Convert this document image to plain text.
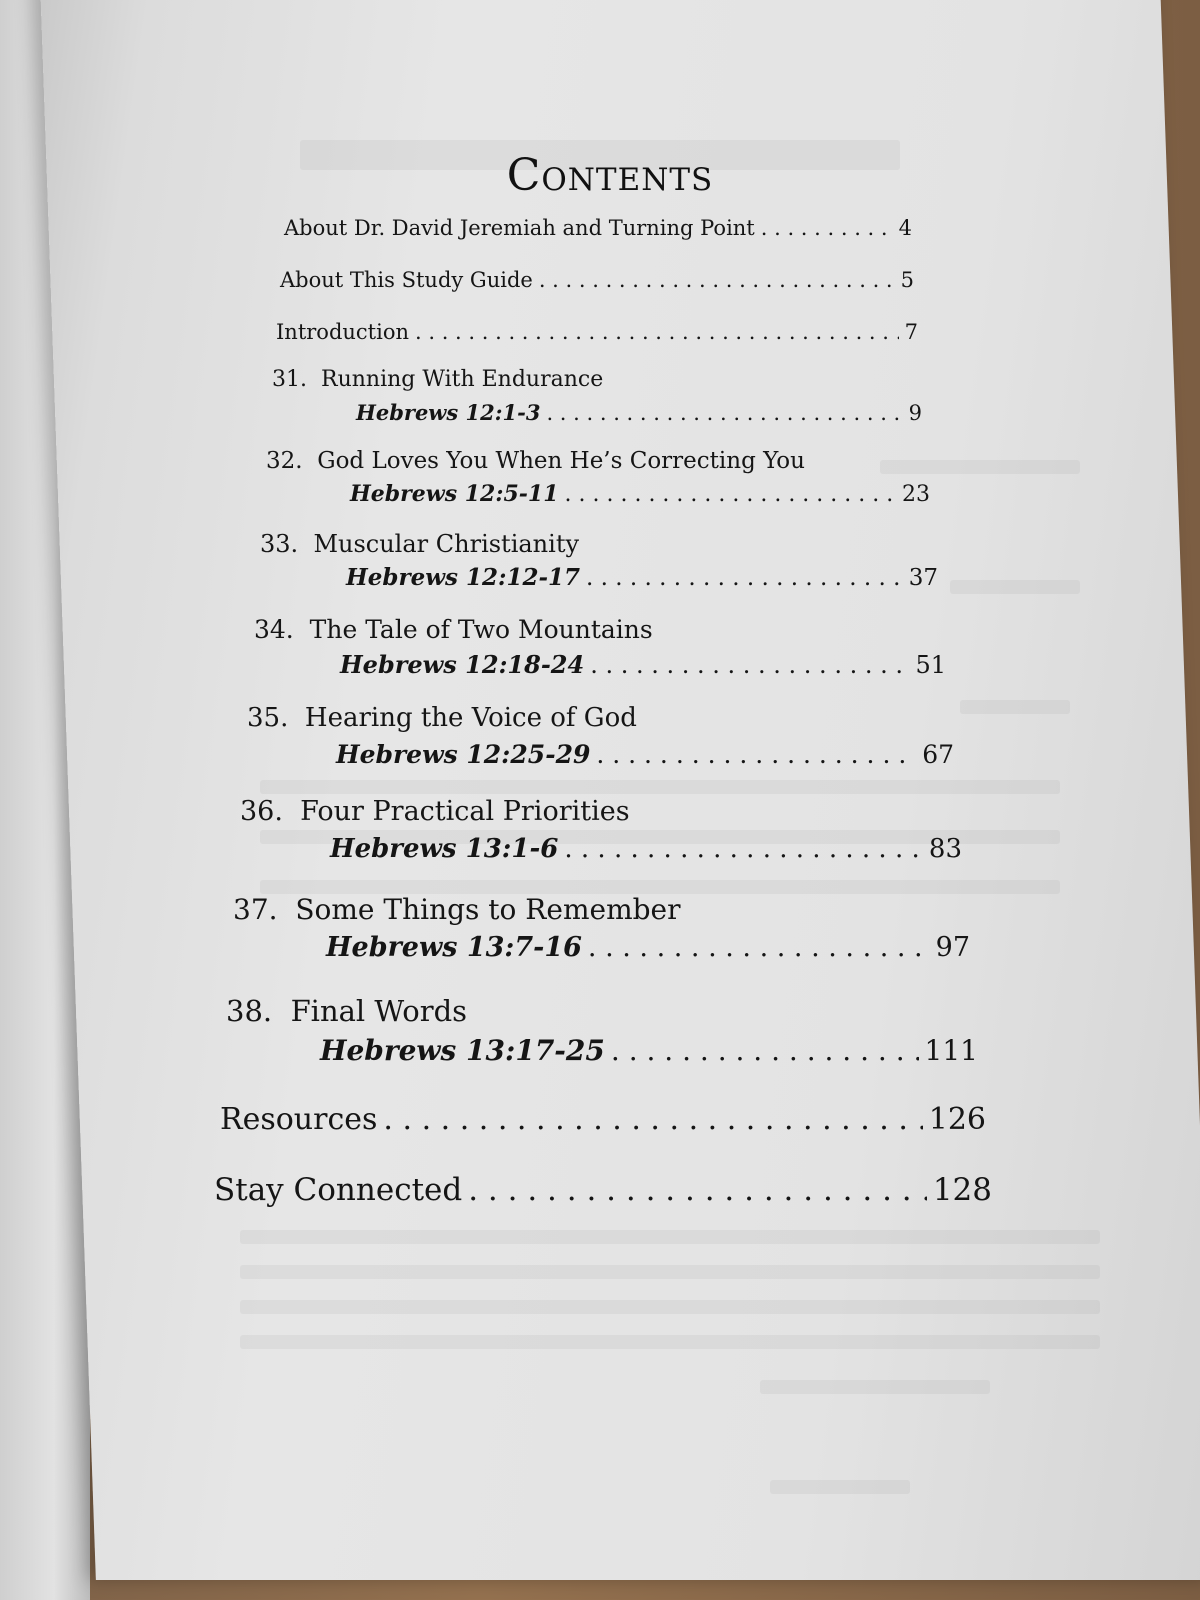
Contents
About Dr. David Jeremiah and Turning Point . . .	4
About This Study Guide . . .	5
Introduction . . .	7
31. Running With Endurance
Hebrews 12:1-3 . . .	9
32. God Loves You When He’s Correcting You
Hebrews 12:5-11 . . .	23
33. Muscular Christianity
Hebrews 12:12-17 . . .	37
34. The Tale of Two Mountains
Hebrews 12:18-24 . . .	51
35. Hearing the Voice of God
Hebrews 12:25-29 . . .	67
36. Four Practical Priorities
Hebrews 13:1-6 . . .	83
37. Some Things to Remember
Hebrews 13:7-16 . . .	97
38. Final Words
Hebrews 13:17-25 . . .	111
Resources . . .	126
Stay Connected . . .	128
